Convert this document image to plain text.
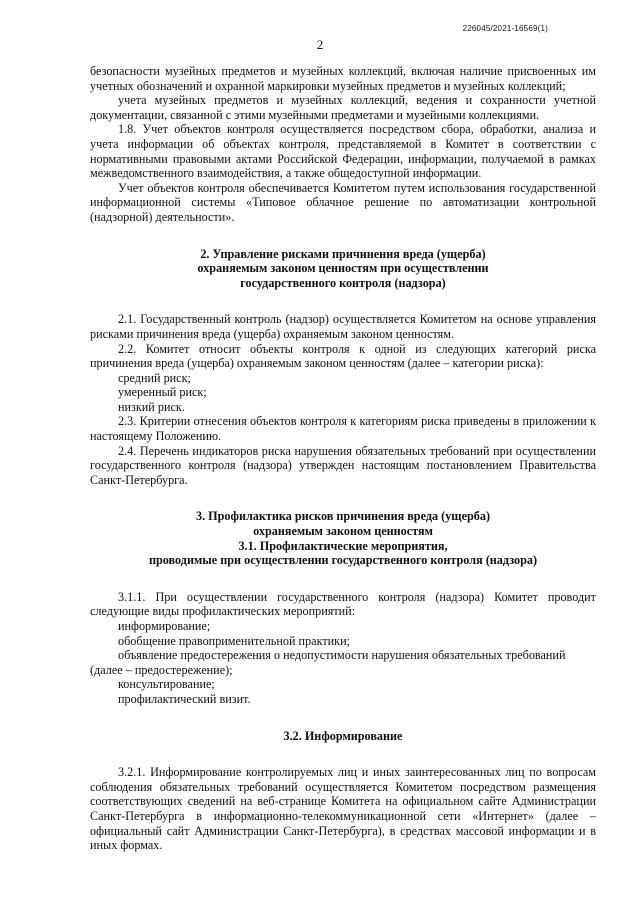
226045/2021-16569(1)
2

безопасности музейных предметов и музейных коллекций, включая наличие присвоенных им учетных обозначений и охранной маркировки музейных предметов и музейных коллекций;

учета музейных предметов и музейных коллекций, ведения и сохранности учетной документации, связанной с этими музейными предметами и музейными коллекциями.

1.8. Учет объектов контроля осуществляется посредством сбора, обработки, анализа и учета информации об объектах контроля, представляемой в Комитет в соответствии с нормативными правовыми актами Российской Федерации, информации, получаемой в рамках межведомственного взаимодействия, а также общедоступной информации.

Учет объектов контроля обеспечивается Комитетом путем использования государственной информационной системы «Типовое облачное решение по автоматизации контрольной (надзорной) деятельности».

2. Управление рисками причинения вреда (ущерба)
охраняемым законом ценностям при осуществлении
государственного контроля (надзора)

2.1. Государственный контроль (надзор) осуществляется Комитетом на основе управления рисками причинения вреда (ущерба) охраняемым законом ценностям.

2.2. Комитет относит объекты контроля к одной из следующих категорий риска причинения вреда (ущерба) охраняемым законом ценностям (далее – категории риска):

средний риск;

умеренный риск;

низкий риск.

2.3. Критерии отнесения объектов контроля к категориям риска приведены в приложении к настоящему Положению.

2.4. Перечень индикаторов риска нарушения обязательных требований при осуществлении государственного контроля (надзора) утвержден настоящим постановлением Правительства Санкт-Петербурга.

3. Профилактика рисков причинения вреда (ущерба)
охраняемым законом ценностям
3.1. Профилактические мероприятия,
проводимые при осуществлении государственного контроля (надзора)

3.1.1. При осуществлении государственного контроля (надзора) Комитет проводит следующие виды профилактических мероприятий:

информирование;

обобщение правоприменительной практики;

объявление предостережения о недопустимости нарушения обязательных требований

(далее – предостережение);

консультирование;

профилактический визит.

3.2. Информирование

3.2.1. Информирование контролируемых лиц и иных заинтересованных лиц по вопросам соблюдения обязательных требований осуществляется Комитетом посредством размещения соответствующих сведений на веб-странице Комитета на официальном сайте Администрации Санкт-Петербурга в информационно-телекоммуникационной сети «Интернет» (далее – официальный сайт Администрации Санкт-Петербурга), в средствах массовой информации и в иных формах.
